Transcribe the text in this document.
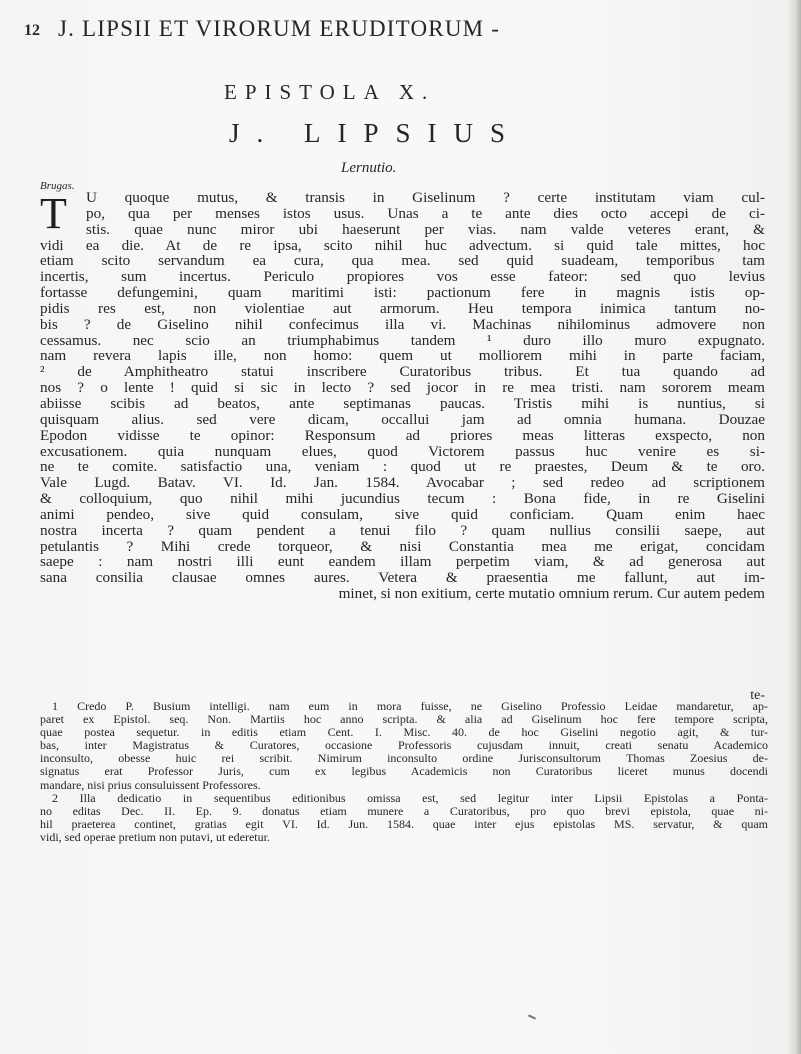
12 J. LIPSII ET VIRORUM ERUDITORUM -
EPISTOLA X.
J. LIPSIUS
Lernutio.
Brugas.
T	U quoque mutus, & transis in Giselinum ? certe institutam viam cul-
po, qua per menses istos usus. Unas a te ante dies octo accepi de ci-
stis. quae nunc miror ubi haeserunt per vias. nam valde veteres erant, &
vidi ea die. At de re ipsa, scito nihil huc advectum. si quid tale mittes, hoc
etiam scito servandum ea cura, qua mea. sed quid suadeam, temporibus tam
incertis, sum incertus. Periculo propiores vos esse fateor: sed quo levius
fortasse defungemini, quam maritimi isti: pactionum fere in magnis istis op-
pidis res est, non violentiae aut armorum. Heu tempora inimica tantum no-
bis ? de Giselino nihil confecimus illa vi. Machinas nihilominus admovere non
cessamus. nec scio an triumphabimus tandem ¹ duro illo muro expugnato.
nam revera lapis ille, non homo: quem ut molliorem mihi in parte faciam,
² de Amphitheatro statui inscribere Curatoribus tribus. Et tua quando ad
nos ? o lente ! quid si sic in lecto ? sed jocor in re mea tristi. nam sororem meam
abiisse scibis ad beatos, ante septimanas paucas. Tristis mihi is nuntius, si
quisquam alius. sed vere dicam, occallui jam ad omnia humana. Douzae
Epodon vidisse te opinor: Responsum ad priores meas litteras exspecto, non
excusationem. quia nunquam elues, quod Victorem passus huc venire es si-
ne te comite. satisfactio una, veniam : quod ut re praestes, Deum & te oro.
Vale Lugd. Batav. VI. Id. Jan. 1584. Avocabar ; sed redeo ad scriptionem
& colloquium, quo nihil mihi jucundius tecum : Bona fide, in re Giselini
animi pendeo, sive quid consulam, sive quid conficiam. Quam enim haec
nostra incerta ? quam pendent a tenui filo ? quam nullius consilii saepe, aut
petulantis ? Mihi crede torqueor, & nisi Constantia mea me erigat, concidam
saepe : nam nostri illi eunt eandem illam perpetim viam, & ad generosa aut
sana consilia clausae omnes aures. Vetera & praesentia me fallunt, aut im-
minet, si non exitium, certe mutatio omnium rerum. Cur autem pedem
te-
1 Credo P. Busium intelligi. nam eum in mora fuisse, ne Giselino Professio Leidae mandaretur, ap-
paret ex Epistol. seq. Non. Martiis hoc anno scripta. & alia ad Giselinum hoc fere tempore scripta,
quae postea sequetur. in editis etiam Cent. I. Misc. 40. de hoc Giselini negotio agit, & tur-
bas, inter Magistratus & Curatores, occasione Professoris cujusdam innuit, creati senatu Academico
inconsulto, obesse huic rei scribit. Nimirum inconsulto ordine Jurisconsultorum Thomas Zoesius de-
signatus erat Professor Juris, cum ex legibus Academicis non Curatoribus liceret munus docendi
mandare, nisi prius consuluissent Professores.
2 Illa dedicatio in sequentibus editionibus omissa est, sed legitur inter Lipsii Epistolas a Ponta-
no editas Dec. II. Ep. 9. donatus etiam munere a Curatoribus, pro quo brevi epistola, quae ni-
hil praeterea continet, gratias egit VI. Id. Jun. 1584. quae inter ejus epistolas MS. servatur, & quam
vidi, sed operae pretium non putavi, ut ederetur.
